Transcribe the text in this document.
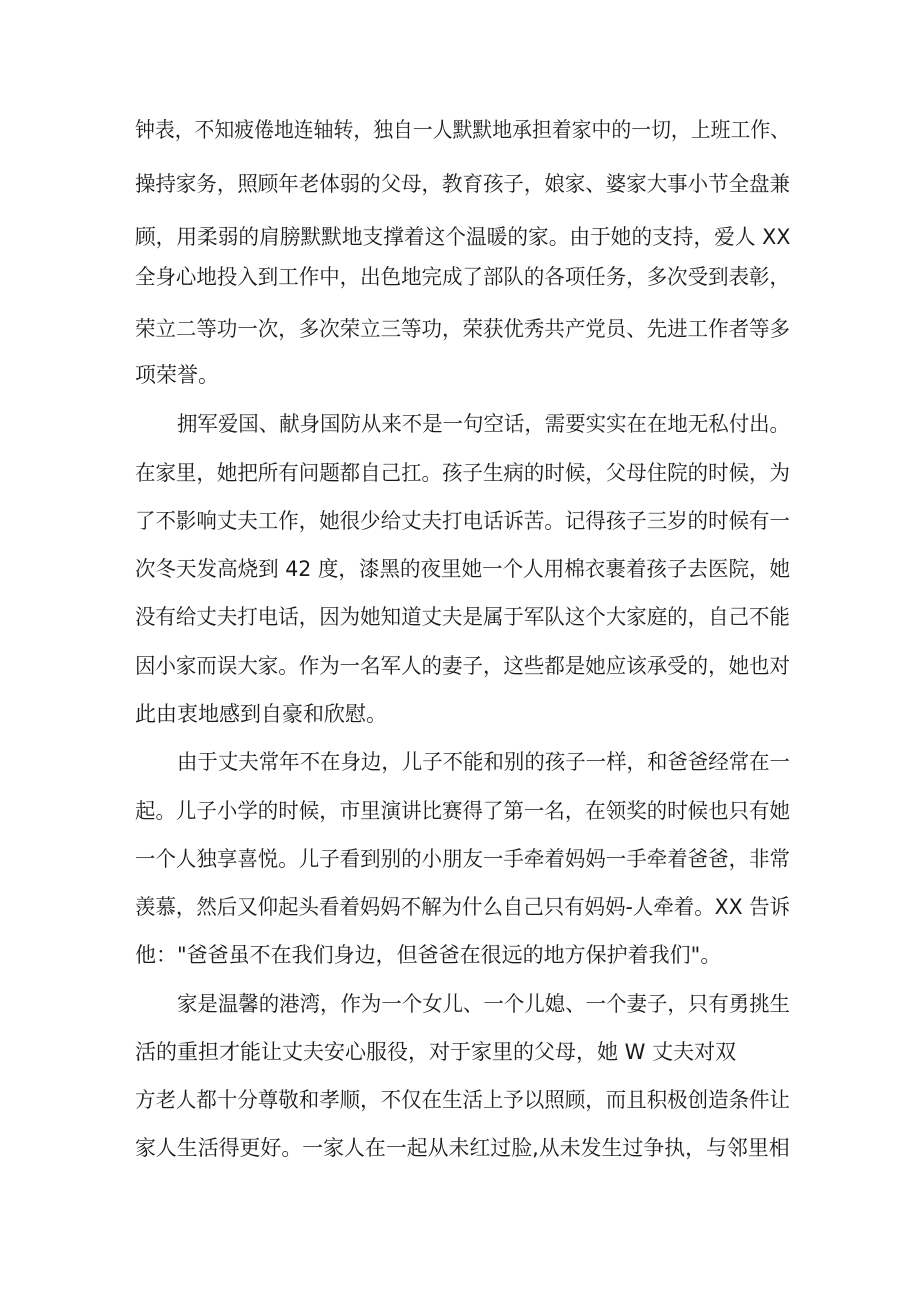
钟表，不知疲倦地连轴转，独自一人默默地承担着家中的一切，上班工作、
操持家务，照顾年老体弱的父母，教育孩子，娘家、婆家大事小节全盘兼
顾，用柔弱的肩膀默默地支撑着这个温暖的家。由于她的支持，爱人 XX
全身心地投入到工作中，出色地完成了部队的各项任务，多次受到表彰，
荣立二等功一次，多次荣立三等功，荣获优秀共产党员、先进工作者等多
项荣誉。
拥军爱国、献身国防从来不是一句空话，需要实实在在地无私付出。
在家里，她把所有问题都自己扛。孩子生病的时候，父母住院的时候，为
了不影响丈夫工作，她很少给丈夫打电话诉苦。记得孩子三岁的时候有一
次冬天发高烧到 42 度，漆黑的夜里她一个人用棉衣裹着孩子去医院，她
没有给丈夫打电话，因为她知道丈夫是属于军队这个大家庭的，自己不能
因小家而误大家。作为一名军人的妻子，这些都是她应该承受的，她也对
此由衷地感到自豪和欣慰。
由于丈夫常年不在身边，儿子不能和别的孩子一样，和爸爸经常在一
起。儿子小学的时候，市里演讲比赛得了第一名，在领奖的时候也只有她
一个人独享喜悦。儿子看到别的小朋友一手牵着妈妈一手牵着爸爸，非常
羡慕，然后又仰起头看着妈妈不解为什么自己只有妈妈-人牵着。XX 告诉
他："爸爸虽不在我们身边，但爸爸在很远的地方保护着我们"。
家是温馨的港湾，作为一个女儿、一个儿媳、一个妻子，只有勇挑生
活的重担才能让丈夫安心服役，对于家里的父母，她 W 丈夫对双
方老人都十分尊敬和孝顺，不仅在生活上予以照顾，而且积极创造条件让
家人生活得更好。一家人在一起从未红过脸,从未发生过争执，与邻里相
